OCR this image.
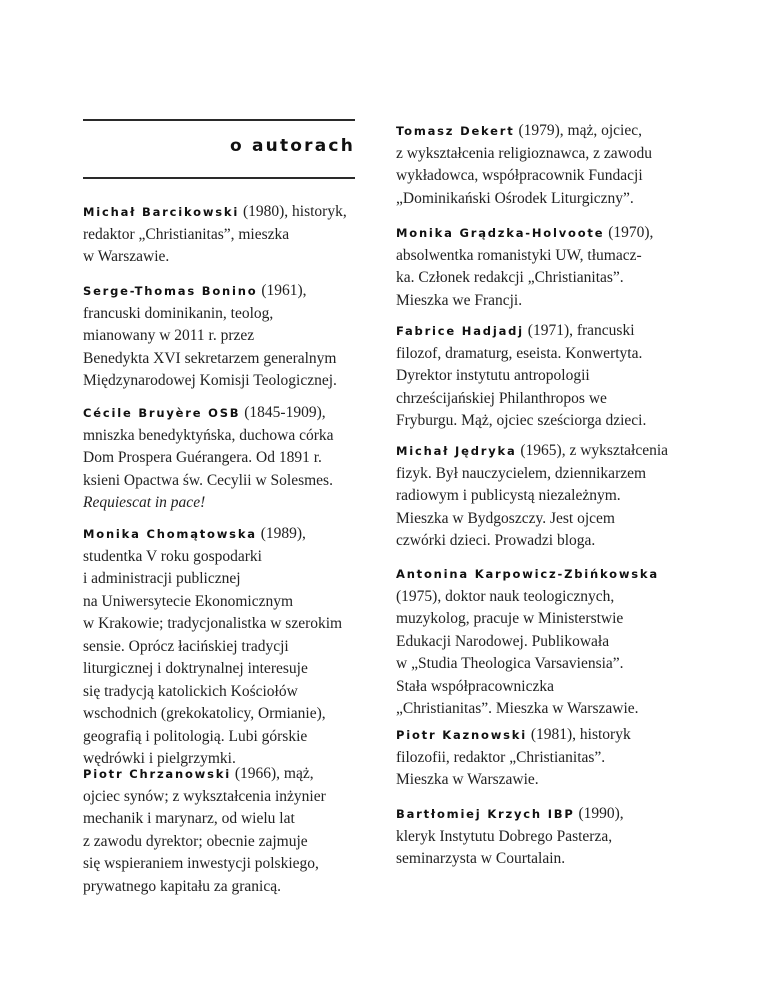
o autorach
Michał Barcikowski (1980), historyk,
redaktor „Christianitas”, mieszka
w Warszawie.
Serge-Thomas Bonino (1961),
francuski dominikanin, teolog,
mianowany w 2011 r. przez
Benedykta XVI sekretarzem generalnym
Międzynarodowej Komisji Teologicznej.
Cécile Bruyère OSB (1845-1909),
mniszka benedyktyńska, duchowa córka
Dom Prospera Guérangera. Od 1891 r.
ksieni Opactwa św. Cecylii w Solesmes.
Requiescat in pace!
Monika Chomątowska (1989),
studentka V roku gospodarki
i administracji publicznej
na Uniwersytecie Ekonomicznym
w Krakowie; tradycjonalistka w szerokim
sensie. Oprócz łacińskiej tradycji
liturgicznej i doktrynalnej interesuje
się tradycją katolickich Kościołów
wschodnich (grekokatolicy, Ormianie),
geografią i politologią. Lubi górskie
wędrówki i pielgrzymki.
Piotr Chrzanowski (1966), mąż,
ojciec synów; z wykształcenia inżynier
mechanik i marynarz, od wielu lat
z zawodu dyrektor; obecnie zajmuje
się wspieraniem inwestycji polskiego,
prywatnego kapitału za granicą.
Tomasz Dekert (1979), mąż, ojciec,
z wykształcenia religioznawca, z zawodu
wykładowca, współpracownik Fundacji
„Dominikański Ośrodek Liturgiczny”.
Monika Grądzka-Holvoote (1970),
absolwentka romanistyki UW, tłumacz-
ka. Członek redakcji „Christianitas”.
Mieszka we Francji.
Fabrice Hadjadj (1971), francuski
filozof, dramaturg, eseista. Konwertyta.
Dyrektor instytutu antropologii
chrześcijańskiej Philanthropos we
Fryburgu. Mąż, ojciec sześciorga dzieci.
Michał Jędryka (1965), z wykształcenia
fizyk. Był nauczycielem, dziennikarzem
radiowym i publicystą niezależnym.
Mieszka w Bydgoszczy. Jest ojcem
czwórki dzieci. Prowadzi bloga.
Antonina Karpowicz-Zbińkowska
(1975), doktor nauk teologicznych,
muzykolog, pracuje w Ministerstwie
Edukacji Narodowej. Publikowała
w „Studia Theologica Varsaviensia”.
Stała współpracowniczka
„Christianitas”. Mieszka w Warszawie.
Piotr Kaznowski (1981), historyk
filozofii, redaktor „Christianitas”.
Mieszka w Warszawie.
Bartłomiej Krzych IBP (1990),
kleryk Instytutu Dobrego Pasterza,
seminarzysta w Courtalain.
